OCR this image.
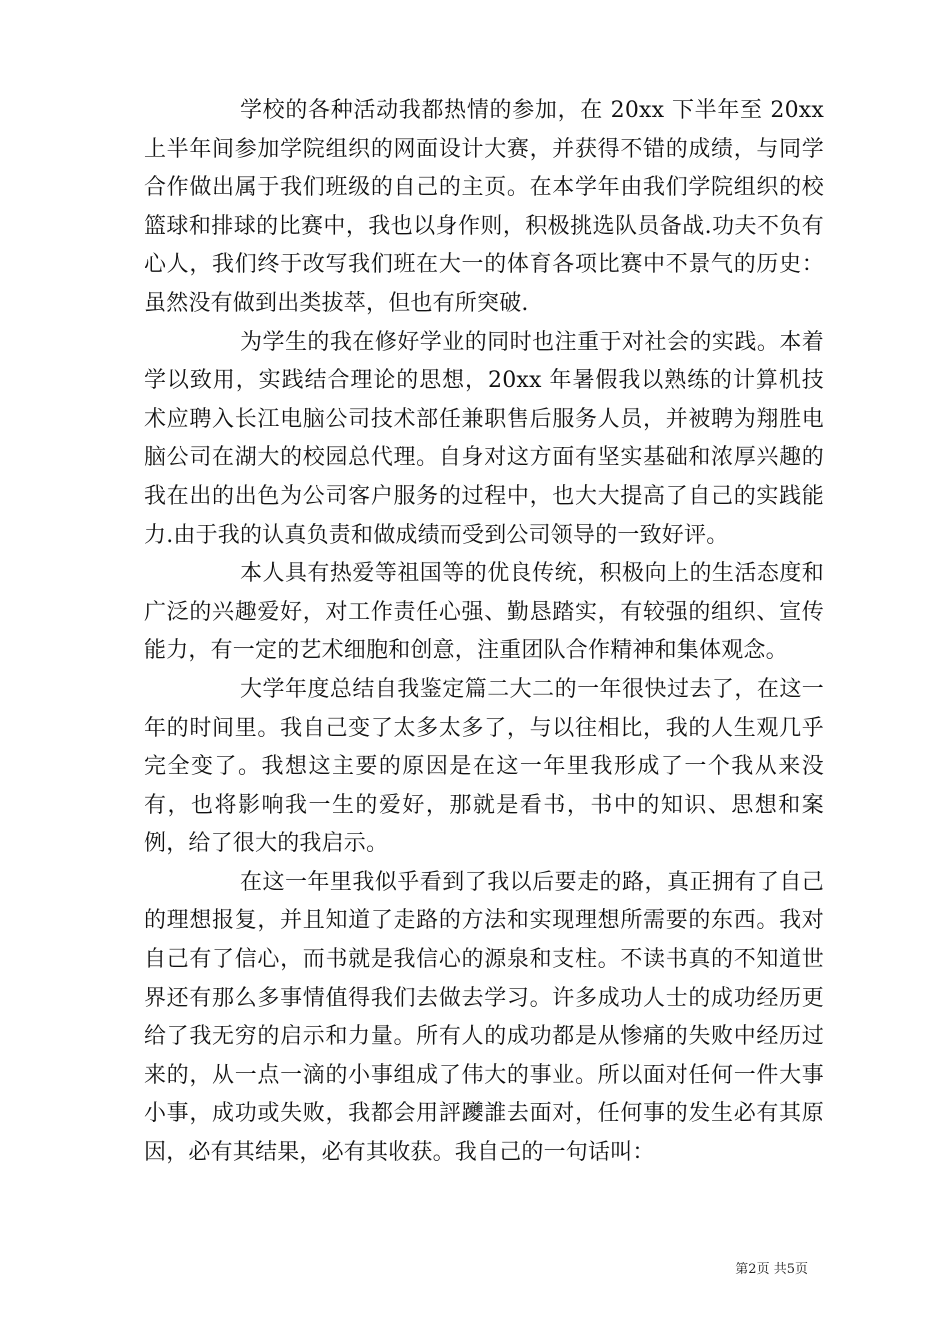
学校的各种活动我都热情的参加，在 20xx 下半年至 20xx 上半年间参加学院组织的网面设计大赛，并获得不错的成绩，与同学合作做出属于我们班级的自己的主页。在本学年由我们学院组织的校篮球和排球的比赛中，我也以身作则，积极挑选队员备战.功夫不负有心人，我们终于改写我们班在大一的体育各项比赛中不景气的历史：虽然没有做到出类拔萃，但也有所突破.

为学生的我在修好学业的同时也注重于对社会的实践。本着学以致用，实践结合理论的思想，20xx 年暑假我以熟练的计算机技术应聘入长江电脑公司技术部任兼职售后服务人员，并被聘为翔胜电脑公司在湖大的校园总代理。自身对这方面有坚实基础和浓厚兴趣的我在出的出色为公司客户服务的过程中，也大大提高了自己的实践能力.由于我的认真负责和做成绩而受到公司领导的一致好评。

本人具有热爱等祖国等的优良传统，积极向上的生活态度和广泛的兴趣爱好，对工作责任心强、勤恳踏实，有较强的组织、宣传能力，有一定的艺术细胞和创意，注重团队合作精神和集体观念。

大学年度总结自我鉴定篇二大二的一年很快过去了，在这一年的时间里。我自己变了太多太多了，与以往相比，我的人生观几乎完全变了。我想这主要的原因是在这一年里我形成了一个我从来没有，也将影响我一生的爱好，那就是看书，书中的知识、思想和案例，给了很大的我启示。

在这一年里我似乎看到了我以后要走的路，真正拥有了自己的理想报复，并且知道了走路的方法和实现理想所需要的东西。我对自己有了信心，而书就是我信心的源泉和支柱。不读书真的不知道世界还有那么多事情值得我们去做去学习。许多成功人士的成功经历更给了我无穷的启示和力量。所有人的成功都是从惨痛的失败中经历过来的，从一点一滴的小事组成了伟大的事业。所以面对任何一件大事小事，成功或失败，我都会用評躨誰去面对，任何事的发生必有其原因，必有其结果，必有其收获。我自己的一句话叫：

第2页 共5页
